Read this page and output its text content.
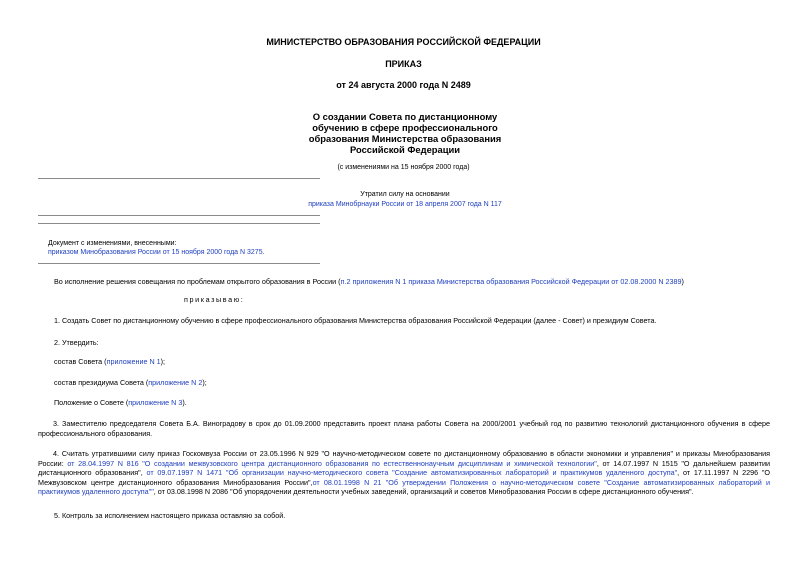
МИНИСТЕРСТВО ОБРАЗОВАНИЯ РОССИЙСКОЙ ФЕДЕРАЦИИ
ПРИКАЗ
от 24 августа 2000 года N 2489
О создании Совета по дистанционному
обучению в сфере профессионального
образования Министерства образования
Российской Федерации
(с изменениями на 15 ноября 2000 года)
Утратил силу на основании
приказа Минобрнауки России от 18 апреля 2007 года N 117
Документ с изменениями, внесенными:
приказом Минобразования России от 15 ноября 2000 года N 3275.
Во исполнение решения совещания по проблемам открытого образования в России (п.2 приложения N 1 приказа Министерства образования Российской Федерации от 02.08.2000 N 2389)
приказываю:
1. Создать Совет по дистанционному обучению в сфере профессионального образования Министерства образования Российской Федерации (далее - Совет) и президиум Совета.
2. Утвердить:
состав Совета (приложение N 1);
состав президиума Совета (приложение N 2);
Положение о Совете (приложение N 3).
3. Заместителю председателя Совета Б.А. Виноградову в срок до 01.09.2000 представить проект плана работы Совета на 2000/2001 учебный год по развитию технологий дистанционного обучения в сфере профессионального образования.
4. Считать утратившими силу приказ Госкомвуза России от 23.05.1996 N 929 "О научно-методическом совете по дистанционному образованию в области экономики и управления" и приказы Минобразования России: от 28.04.1997 N 816 "О создании межвузовского центра дистанционного образования по естественнонаучным дисциплинам и химической технологии", от 14.07.1997 N 1515 "О дальнейшем развитии дистанционного образования", от 09.07.1997 N 1471 "Об организации научно-методического совета "Создание автоматизированных лабораторий и практикумов удаленного доступа", от 17.11.1997 N 2296 "О Межвузовском центре дистанционного образования Минобразования России",от 08.01.1998 N 21 "Об утверждении Положения о научно-методическом совете "Создание автоматизированных лабораторий и практикумов удаленного доступа"", от 03.08.1998 N 2086 "Об упорядочении деятельности учебных заведений, организаций и советов Минобразования России в сфере дистанционного обучения".
5. Контроль за исполнением настоящего приказа оставляю за собой.
